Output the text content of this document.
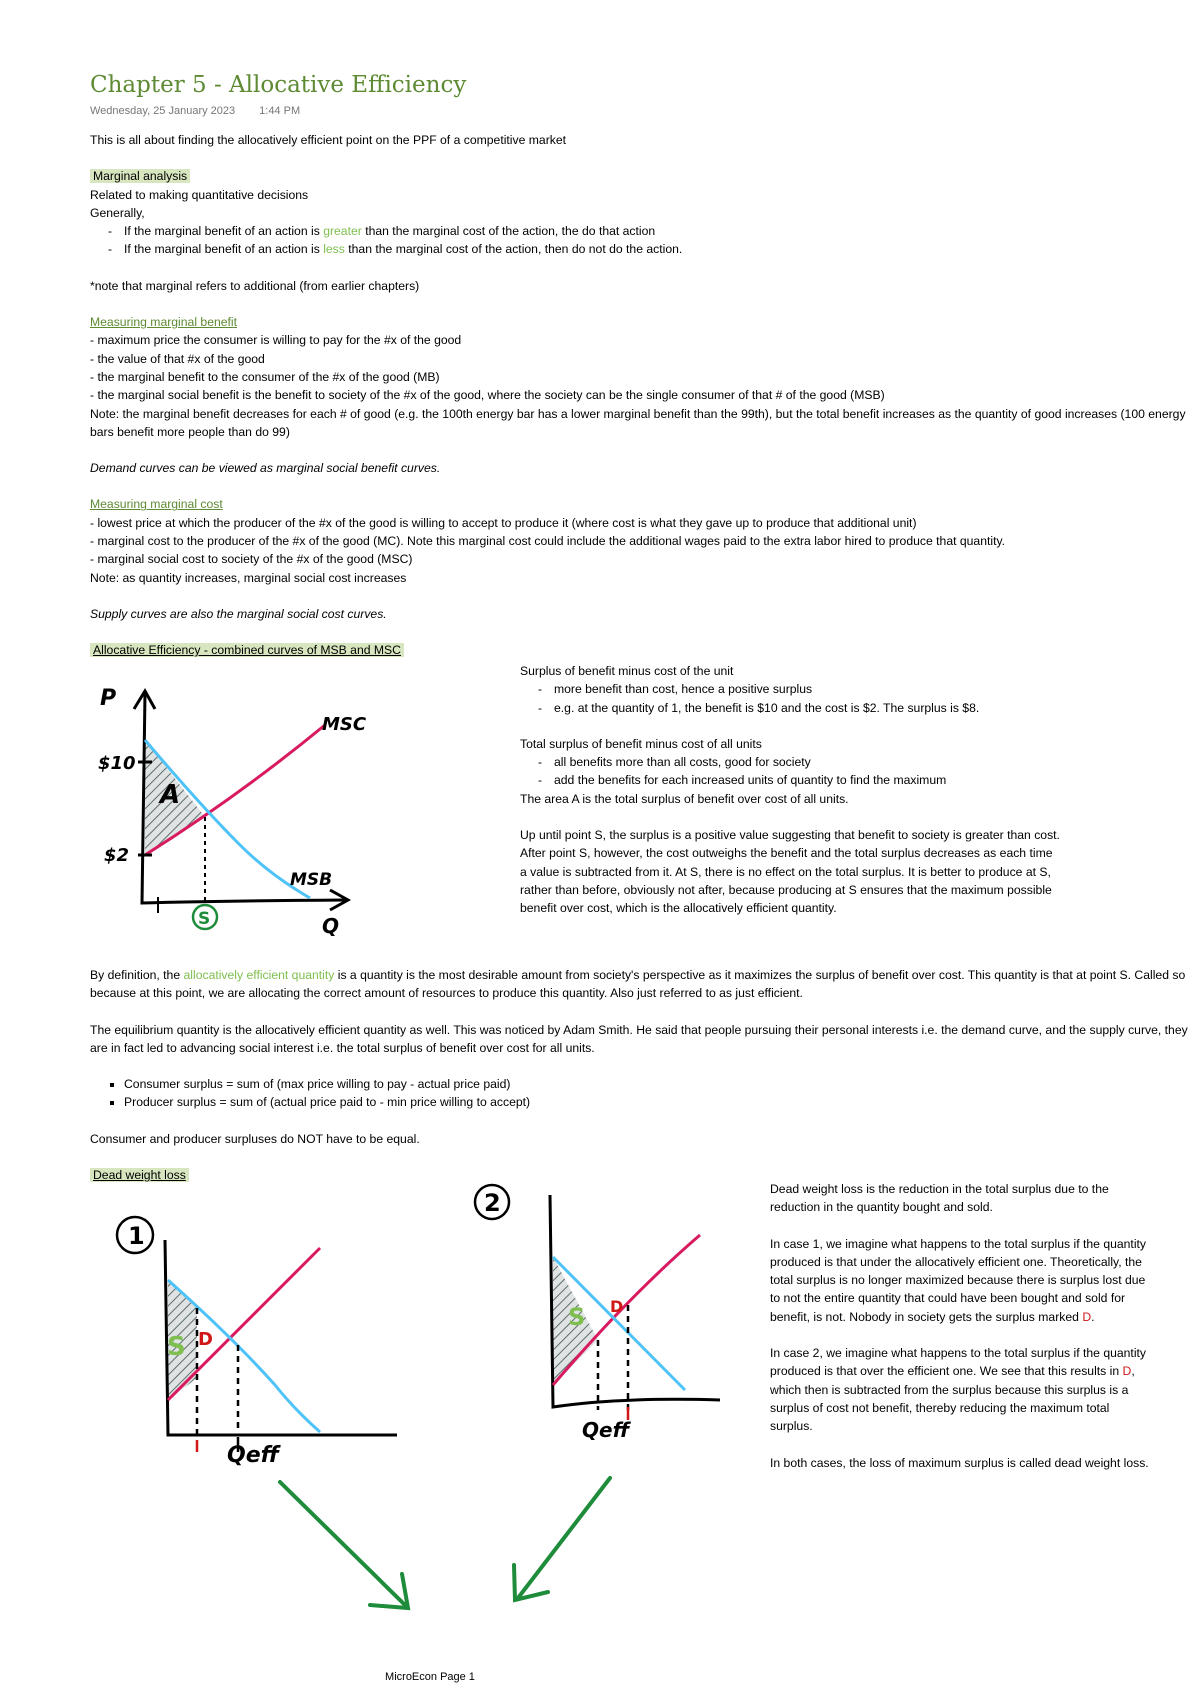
Chapter 5 - Allocative Efficiency
Wednesday, 25 January 2023 1:44 PM

This is all about finding the allocatively efficient point on the PPF of a competitive market

Marginal analysis

Related to making quantitative decisions

Generally,

- If the marginal benefit of an action is greater than the marginal cost of the action, the do that action
- If the marginal benefit of an action is less than the marginal cost of the action, then do not do the action.

*note that marginal refers to additional (from earlier chapters)

Measuring marginal benefit

- maximum price the consumer is willing to pay for the #x of the good

- the value of that #x of the good

- the marginal benefit to the consumer of the #x of the good (MB)

- the marginal social benefit is the benefit to society of the #x of the good, where the society can be the single consumer of that # of the good (MSB)

Note: the marginal benefit decreases for each # of good (e.g. the 100th energy bar has a lower marginal benefit than the 99th), but the total benefit increases as the quantity of good increases (100 energy bars benefit more people than do 99)

Demand curves can be viewed as marginal social benefit curves.

Measuring marginal cost

- lowest price at which the producer of the #x of the good is willing to accept to produce it (where cost is what they gave up to produce that additional unit)

- marginal cost to the producer of the #x of the good (MC). Note this marginal cost could include the additional wages paid to the extra labor hired to produce that quantity.

- marginal social cost to society of the #x of the good (MSC)

Note: as quantity increases, marginal social cost increases

Supply curves are also the marginal social cost curves.

Allocative Efficiency - combined curves of MSB and MSC

P
Q
MSC
MSB
$10
$2
A
S
1

Surplus of benefit minus cost of the unit

- more benefit than cost, hence a positive surplus
- e.g. at the quantity of 1, the benefit is $10 and the cost is $2. The surplus is $8.

Total surplus of benefit minus cost of all units

- all benefits more than all costs, good for society
- add the benefits for each increased units of quantity to find the maximum

The area A is the total surplus of benefit over cost of all units.

Up until point S, the surplus is a positive value suggesting that benefit to society is greater than cost. After point S, however, the cost outweighs the benefit and the total surplus decreases as each time a value is subtracted from it. At S, there is no effect on the total surplus. It is better to produce at S, rather than before, obviously not after, because producing at S ensures that the maximum possible benefit over cost, which is the allocatively efficient quantity.

By definition, the allocatively efficient quantity is a quantity is the most desirable amount from society's perspective as it maximizes the surplus of benefit over cost. This quantity is that at point S. Called so because at this point, we are allocating the correct amount of resources to produce this quantity. Also just referred to as just efficient.

The equilibrium quantity is the allocatively efficient quantity as well. This was noticed by Adam Smith. He said that people pursuing their personal interests i.e. the demand curve, and the supply curve, they are in fact led to advancing social interest i.e. the total surplus of benefit over cost for all units.

▪ Consumer surplus = sum of (max price willing to pay - actual price paid)
▪ Producer surplus = sum of (actual price paid to - min price willing to accept)

Consumer and producer surpluses do NOT have to be equal.

Dead weight loss

1
S D
Qeff
Qeff
2
S D
Qeff
Qeff

Dead weight loss is the reduction in the total surplus due to the reduction in the quantity bought and sold.

In case 1, we imagine what happens to the total surplus if the quantity produced is that under the allocatively efficient one. Theoretically, the total surplus is no longer maximized because there is surplus lost due to not the entire quantity that could have been bought and sold for benefit, is not. Nobody in society gets the surplus marked D.

In case 2, we imagine what happens to the total surplus if the quantity produced is that over the efficient one. We see that this results in D, which then is subtracted from the surplus because this surplus is a surplus of cost not benefit, thereby reducing the maximum total surplus.

In both cases, the loss of maximum surplus is called dead weight loss.

MicroEcon Page 1
